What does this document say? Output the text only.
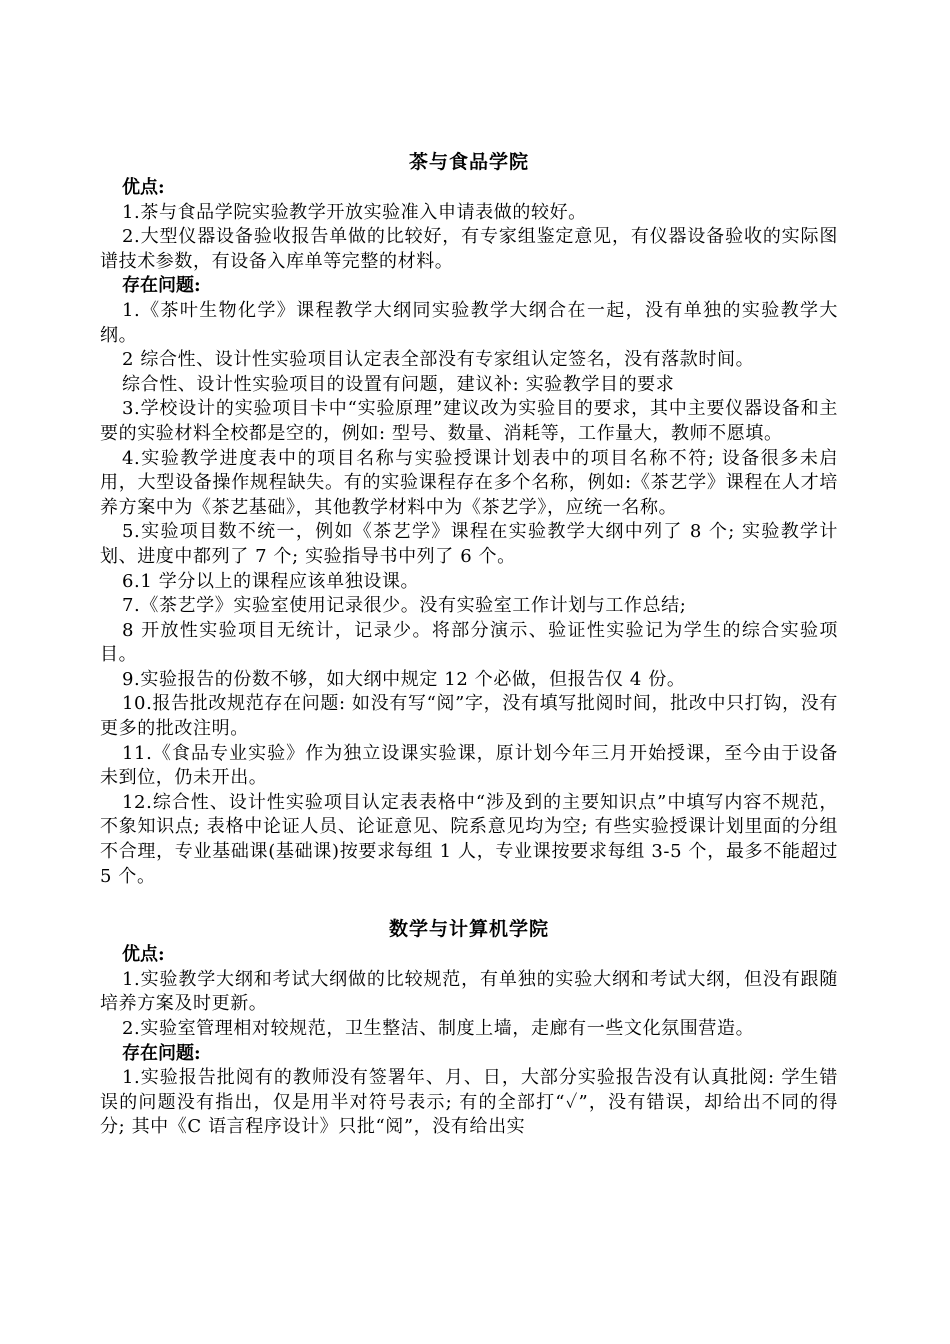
茶与食品学院

优点:

1.茶与食品学院实验教学开放实验准入申请表做的较好。

2.大型仪器设备验收报告单做的比较好，有专家组鉴定意见，有仪器设备验收的实际图谱技术参数，有设备入库单等完整的材料。

存在问题:

1.《茶叶生物化学》课程教学大纲同实验教学大纲合在一起，没有单独的实验教学大纲。

2 综合性、设计性实验项目认定表全部没有专家组认定签名，没有落款时间。

综合性、设计性实验项目的设置有问题，建议补: 实验教学目的要求

3.学校设计的实验项目卡中“实验原理”建议改为实验目的要求，其中主要仪器设备和主要的实验材料全校都是空的，例如: 型号、数量、消耗等，工作量大，教师不愿填。

4.实验教学进度表中的项目名称与实验授课计划表中的项目名称不符; 设备很多未启用，大型设备操作规程缺失。有的实验课程存在多个名称，例如:《茶艺学》课程在人才培养方案中为《茶艺基础》，其他教学材料中为《茶艺学》，应统一名称。

5.实验项目数不统一，例如《茶艺学》课程在实验教学大纲中列了 8 个; 实验教学计划、进度中都列了 7 个; 实验指导书中列了 6 个。

6.1 学分以上的课程应该单独设课。

7.《茶艺学》实验室使用记录很少。没有实验室工作计划与工作总结;

8 开放性实验项目无统计，记录少。将部分演示、验证性实验记为学生的综合实验项目。

9.实验报告的份数不够，如大纲中规定 12 个必做，但报告仅 4 份。

10.报告批改规范存在问题: 如没有写“阅”字，没有填写批阅时间，批改中只打钩，没有更多的批改注明。

11.《食品专业实验》作为独立设课实验课，原计划今年三月开始授课，至今由于设备未到位，仍未开出。

12.综合性、设计性实验项目认定表表格中“涉及到的主要知识点”中填写内容不规范，不象知识点; 表格中论证人员、论证意见、院系意见均为空; 有些实验授课计划里面的分组不合理，专业基础课(基础课)按要求每组 1 人，专业课按要求每组 3-5 个，最多不能超过 5 个。

数学与计算机学院

优点:

1.实验教学大纲和考试大纲做的比较规范，有单独的实验大纲和考试大纲，但没有跟随培养方案及时更新。

2.实验室管理相对较规范，卫生整洁、制度上墙，走廊有一些文化氛围营造。

存在问题:

1.实验报告批阅有的教师没有签署年、月、日，大部分实验报告没有认真批阅: 学生错误的问题没有指出，仅是用半对符号表示; 有的全部打“✓”，没有错误，却给出不同的得分; 其中《C 语言程序设计》只批“阅”，没有给出实
